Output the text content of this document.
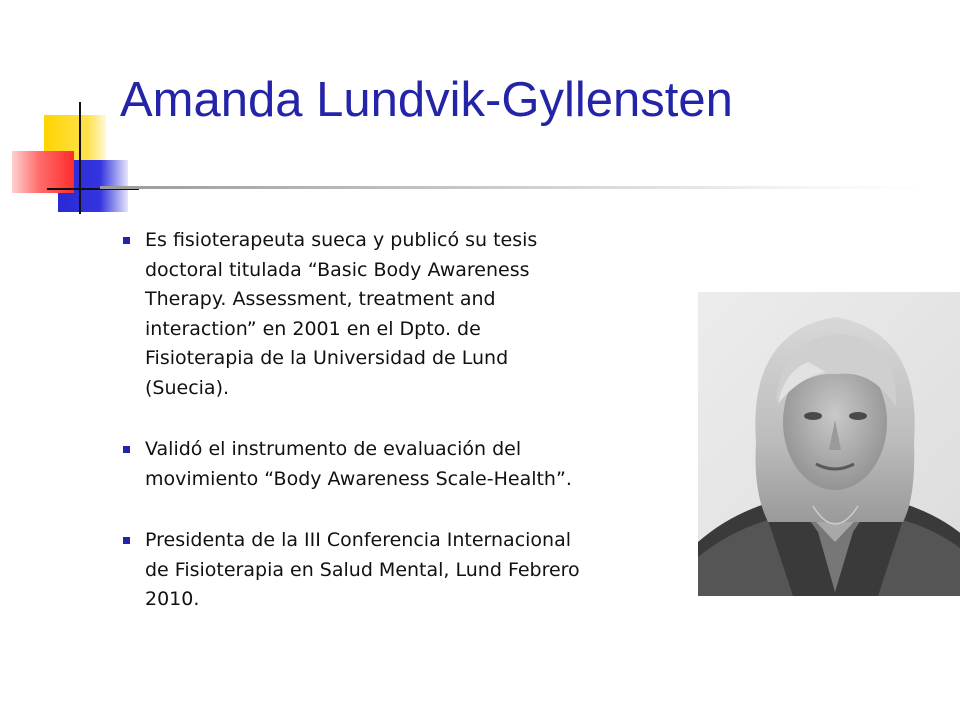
Amanda Lundvik-Gyllensten
Es fisioterapeuta sueca y publicó su tesis doctoral titulada “Basic Body Awareness Therapy. Assessment, treatment and interaction” en 2001 en el Dpto. de Fisioterapia de la Universidad de Lund (Suecia).
Validó el instrumento de evaluación del movimiento “Body Awareness Scale-Health”.
Presidenta de la III Conferencia Internacional de Fisioterapia en Salud Mental, Lund Febrero 2010.
